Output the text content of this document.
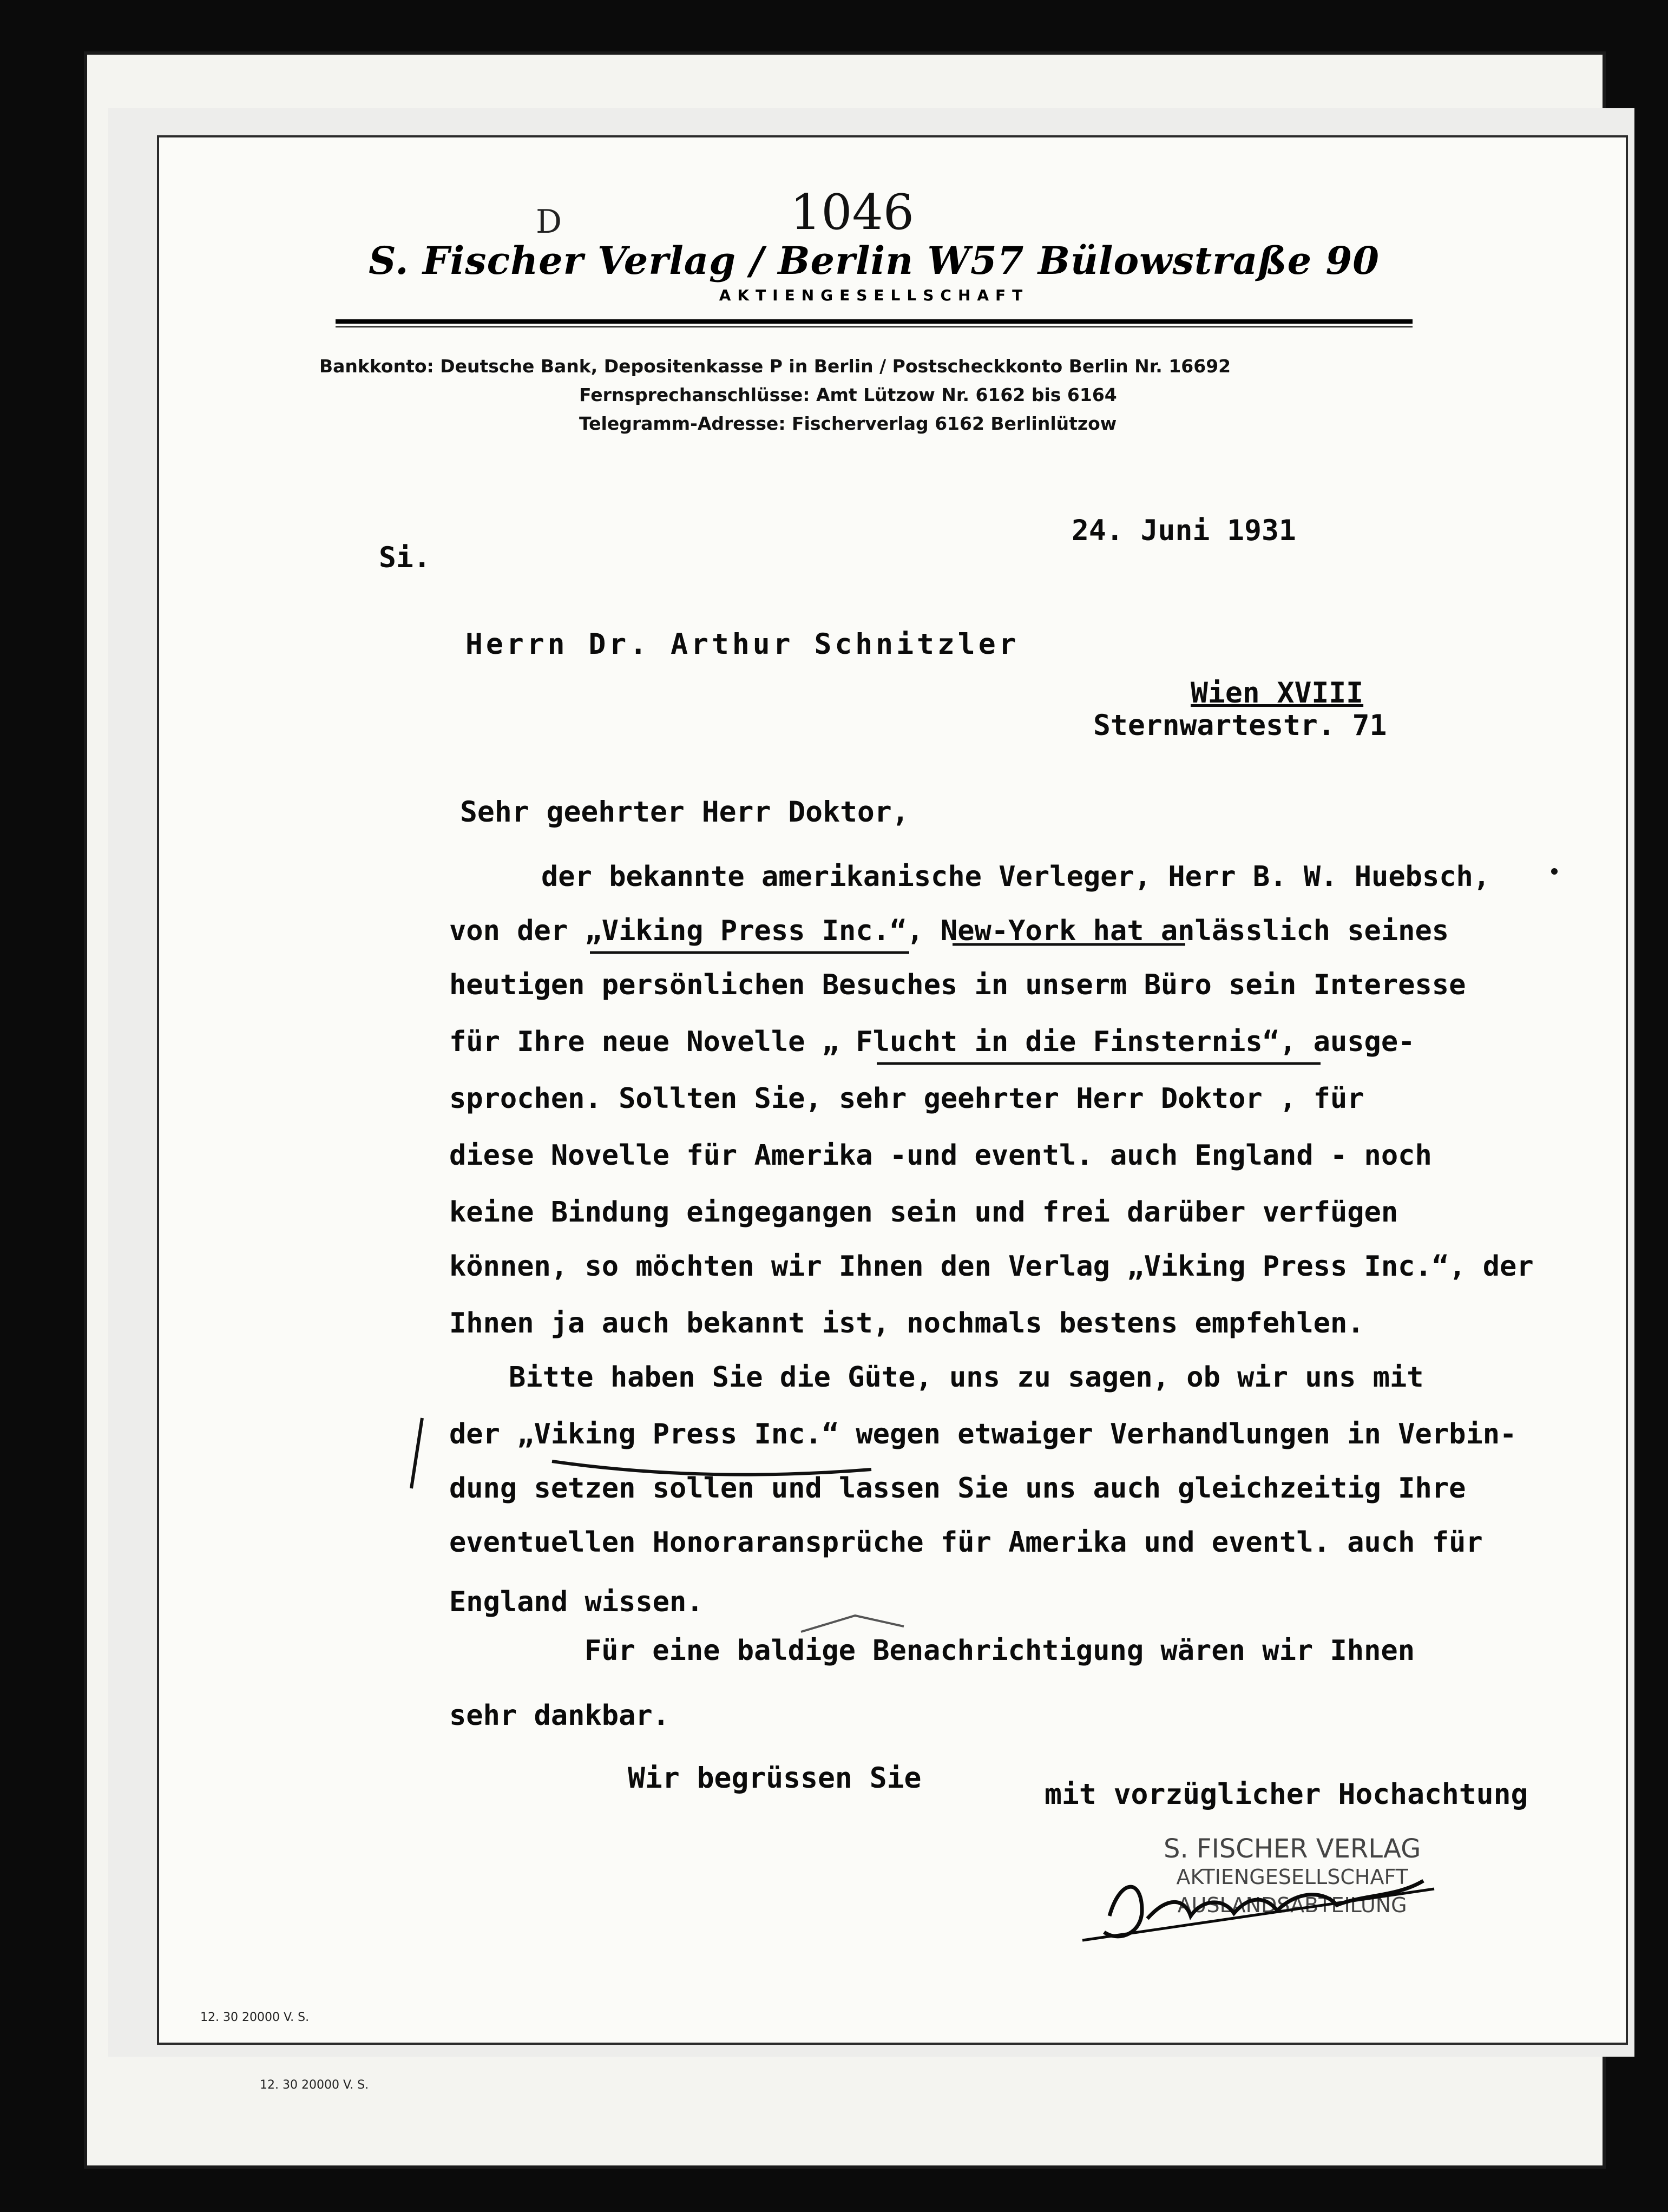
D	1046
S. Fischer Verlag / Berlin W57 Bülowstraße 90
AKTIENGESELLSCHAFT
Bankkonto: Deutsche Bank, Depositenkasse P in Berlin / Postscheckkonto Berlin Nr. 16692
Fernsprechanschlüsse: Amt Lützow Nr. 6162 bis 6164
Telegramm-Adresse: Fischerverlag 6162 Berlinlützow
Si.
24. Juni 1931
Herrn Dr. Arthur Schnitzler
Wien XVIII
Sternwartestr. 71
Sehr geehrter Herr Doktor,
der bekannte amerikanische Verleger, Herr B. W. Huebsch,
von der „Viking Press Inc.“, New-York hat anlässlich seines
heutigen persönlichen Besuches in unserm Büro sein Interesse
für Ihre neue Novelle „ Flucht in die Finsternis“, ausge-
sprochen. Sollten Sie, sehr geehrter Herr Doktor , für
diese Novelle für Amerika -und eventl. auch England - noch
keine Bindung eingegangen sein und frei darüber verfügen
können, so möchten wir Ihnen den Verlag „Viking Press Inc.“, der
Ihnen ja auch bekannt ist, nochmals bestens empfehlen.
Bitte haben Sie die Güte, uns zu sagen, ob wir uns mit
der „Viking Press Inc.“ wegen etwaiger Verhandlungen in Verbin-
dung setzen sollen und lassen Sie uns auch gleichzeitig Ihre
eventuellen Honoraransprüche für Amerika und eventl. auch für
England wissen.
Für eine baldige Benachrichtigung wären wir Ihnen
sehr dankbar.
Wir begrüssen Sie	mit vorzüglicher Hochachtung
S. FISCHER VERLAG
AKTIENGESELLSCHAFT
AUSLANDSABTEILUNG
12. 30 20000 V. S.
12. 30 20000 V. S.
